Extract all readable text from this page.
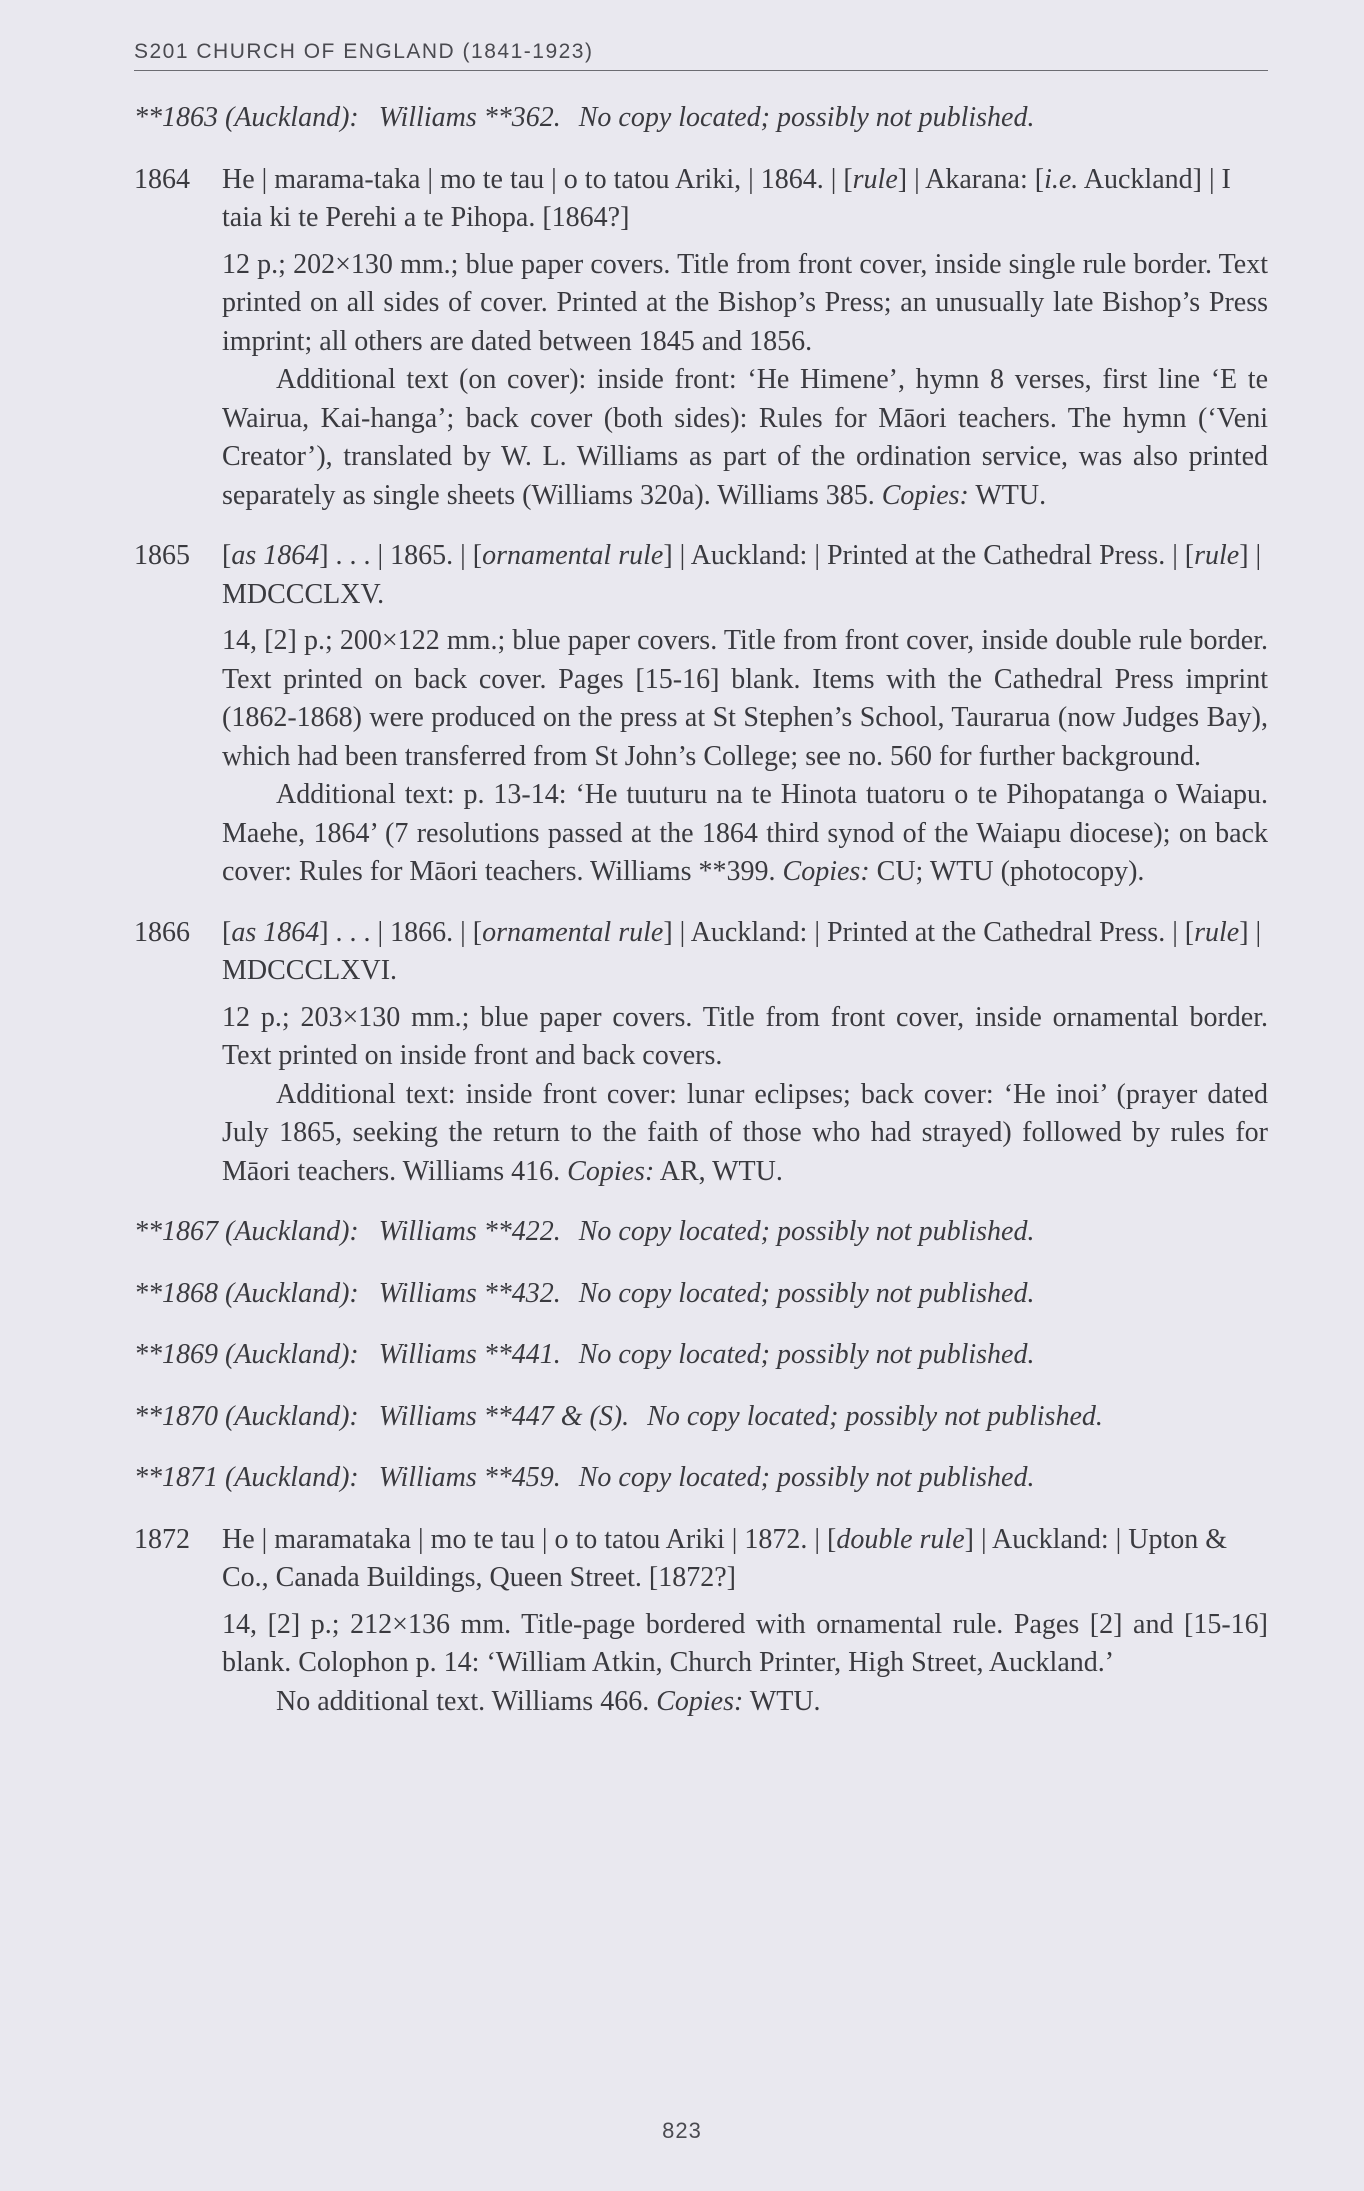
S201 CHURCH OF ENGLAND (1841-1923)
**1863 (Auckland): Williams **362. No copy located; possibly not published.
1864 He | marama-taka | mo te tau | o to tatou Ariki, | 1864. | [rule] | Akarana: [i.e. Auckland] | I taia ki te Perehi a te Pihopa. [1864?]
12 p.; 202×130 mm.; blue paper covers. Title from front cover, inside single rule border. Text printed on all sides of cover. Printed at the Bishop’s Press; an unusually late Bishop’s Press imprint; all others are dated between 1845 and 1856.
Additional text (on cover): inside front: ‘He Himene’, hymn 8 verses, first line ‘E te Wairua, Kai-hanga’; back cover (both sides): Rules for Māori teachers. The hymn (‘Veni Creator’), translated by W. L. Williams as part of the ordination service, was also printed separately as single sheets (Williams 320a). Williams 385. Copies: WTU.
1865 [as 1864] . . . | 1865. | [ornamental rule] | Auckland: | Printed at the Cathedral Press. | [rule] | MDCCCLXV.
14, [2] p.; 200×122 mm.; blue paper covers. Title from front cover, inside double rule border. Text printed on back cover. Pages [15-16] blank. Items with the Cathedral Press imprint (1862-1868) were produced on the press at St Stephen’s School, Taurarua (now Judges Bay), which had been transferred from St John’s College; see no. 560 for further background.
Additional text: p. 13-14: ‘He tuuturu na te Hinota tuatoru o te Pihopatanga o Waiapu. Maehe, 1864’ (7 resolutions passed at the 1864 third synod of the Waiapu diocese); on back cover: Rules for Māori teachers. Williams **399. Copies: CU; WTU (photocopy).
1866 [as 1864] . . . | 1866. | [ornamental rule] | Auckland: | Printed at the Cathedral Press. | [rule] | MDCCCLXVI.
12 p.; 203×130 mm.; blue paper covers. Title from front cover, inside ornamental border. Text printed on inside front and back covers.
Additional text: inside front cover: lunar eclipses; back cover: ‘He inoi’ (prayer dated July 1865, seeking the return to the faith of those who had strayed) followed by rules for Māori teachers. Williams 416. Copies: AR, WTU.
**1867 (Auckland): Williams **422. No copy located; possibly not published.
**1868 (Auckland): Williams **432. No copy located; possibly not published.
**1869 (Auckland): Williams **441. No copy located; possibly not published.
**1870 (Auckland): Williams **447 & (S). No copy located; possibly not published.
**1871 (Auckland): Williams **459. No copy located; possibly not published.
1872 He | maramataka | mo te tau | o to tatou Ariki | 1872. | [double rule] | Auckland: | Upton & Co., Canada Buildings, Queen Street. [1872?]
14, [2] p.; 212×136 mm. Title-page bordered with ornamental rule. Pages [2] and [15-16] blank. Colophon p. 14: ‘William Atkin, Church Printer, High Street, Auckland.’
No additional text. Williams 466. Copies: WTU.
823
